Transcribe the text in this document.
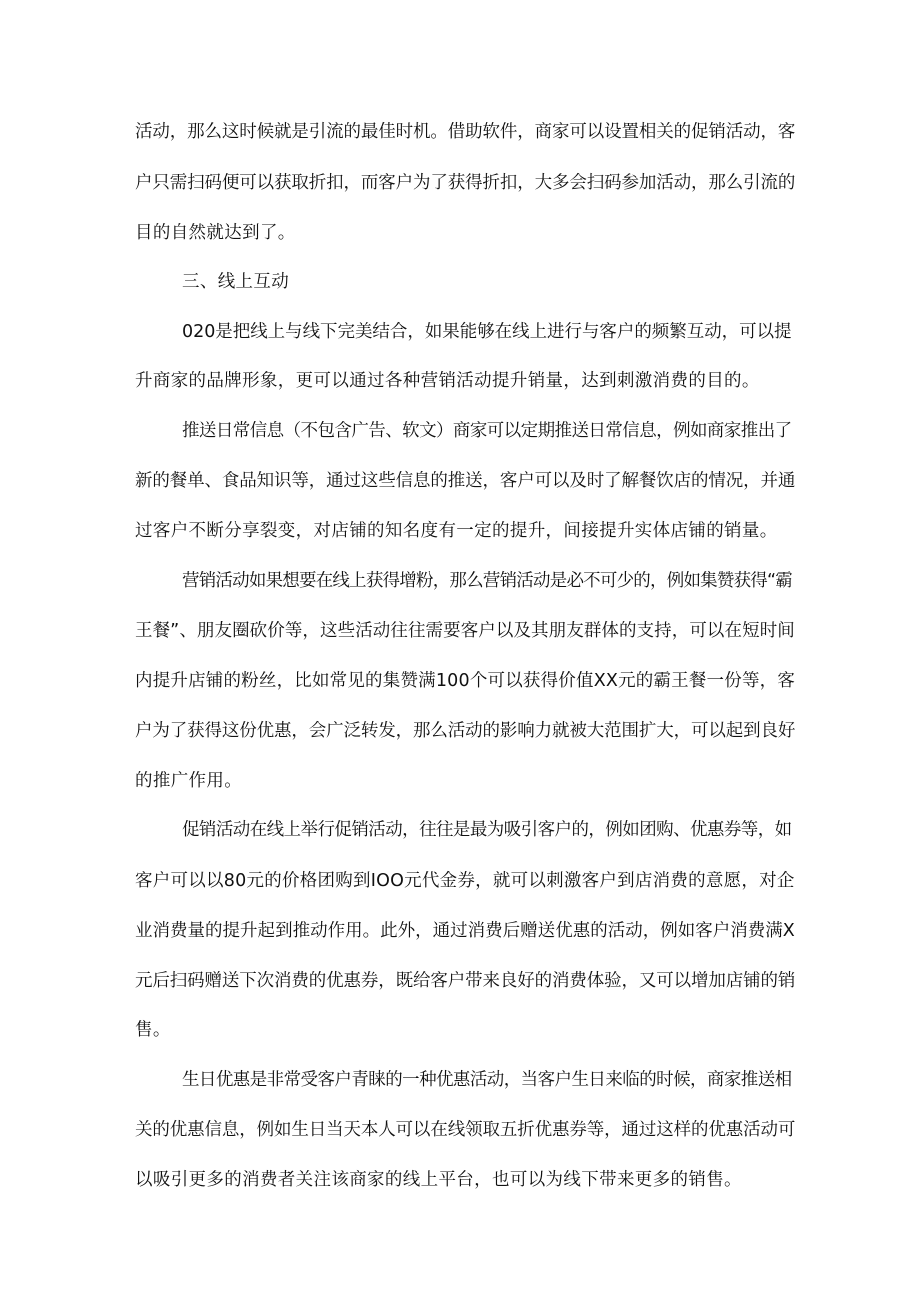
活动，那么这时候就是引流的最佳时机。借助软件，商家可以设置相关的促销活动，客
户只需扫码便可以获取折扣，而客户为了获得折扣，大多会扫码参加活动，那么引流的
目的自然就达到了。
三、线上互动
020是把线上与线下完美结合，如果能够在线上进行与客户的频繁互动，可以提
升商家的品牌形象，更可以通过各种营销活动提升销量，达到刺激消费的目的。
推送日常信息（不包含广告、软文）商家可以定期推送日常信息，例如商家推出了
新的餐单、食品知识等，通过这些信息的推送，客户可以及时了解餐饮店的情况，并通
过客户不断分享裂变，对店铺的知名度有一定的提升，间接提升实体店铺的销量。
营销活动如果想要在线上获得增粉，那么营销活动是必不可少的，例如集赞获得“霸
王餐”、朋友圈砍价等，这些活动往往需要客户以及其朋友群体的支持，可以在短时间
内提升店铺的粉丝，比如常见的集赞满100个可以获得价值XX元的霸王餐一份等，客
户为了获得这份优惠，会广泛转发，那么活动的影响力就被大范围扩大，可以起到良好
的推广作用。
促销活动在线上举行促销活动，往往是最为吸引客户的，例如团购、优惠券等，如
客户可以以80元的价格团购到IOO元代金券，就可以刺激客户到店消费的意愿，对企
业消费量的提升起到推动作用。此外，通过消费后赠送优惠的活动，例如客户消费满X
元后扫码赠送下次消费的优惠券，既给客户带来良好的消费体验，又可以增加店铺的销
售。
生日优惠是非常受客户青睐的一种优惠活动，当客户生日来临的时候，商家推送相
关的优惠信息，例如生日当天本人可以在线领取五折优惠券等，通过这样的优惠活动可
以吸引更多的消费者关注该商家的线上平台，也可以为线下带来更多的销售。
